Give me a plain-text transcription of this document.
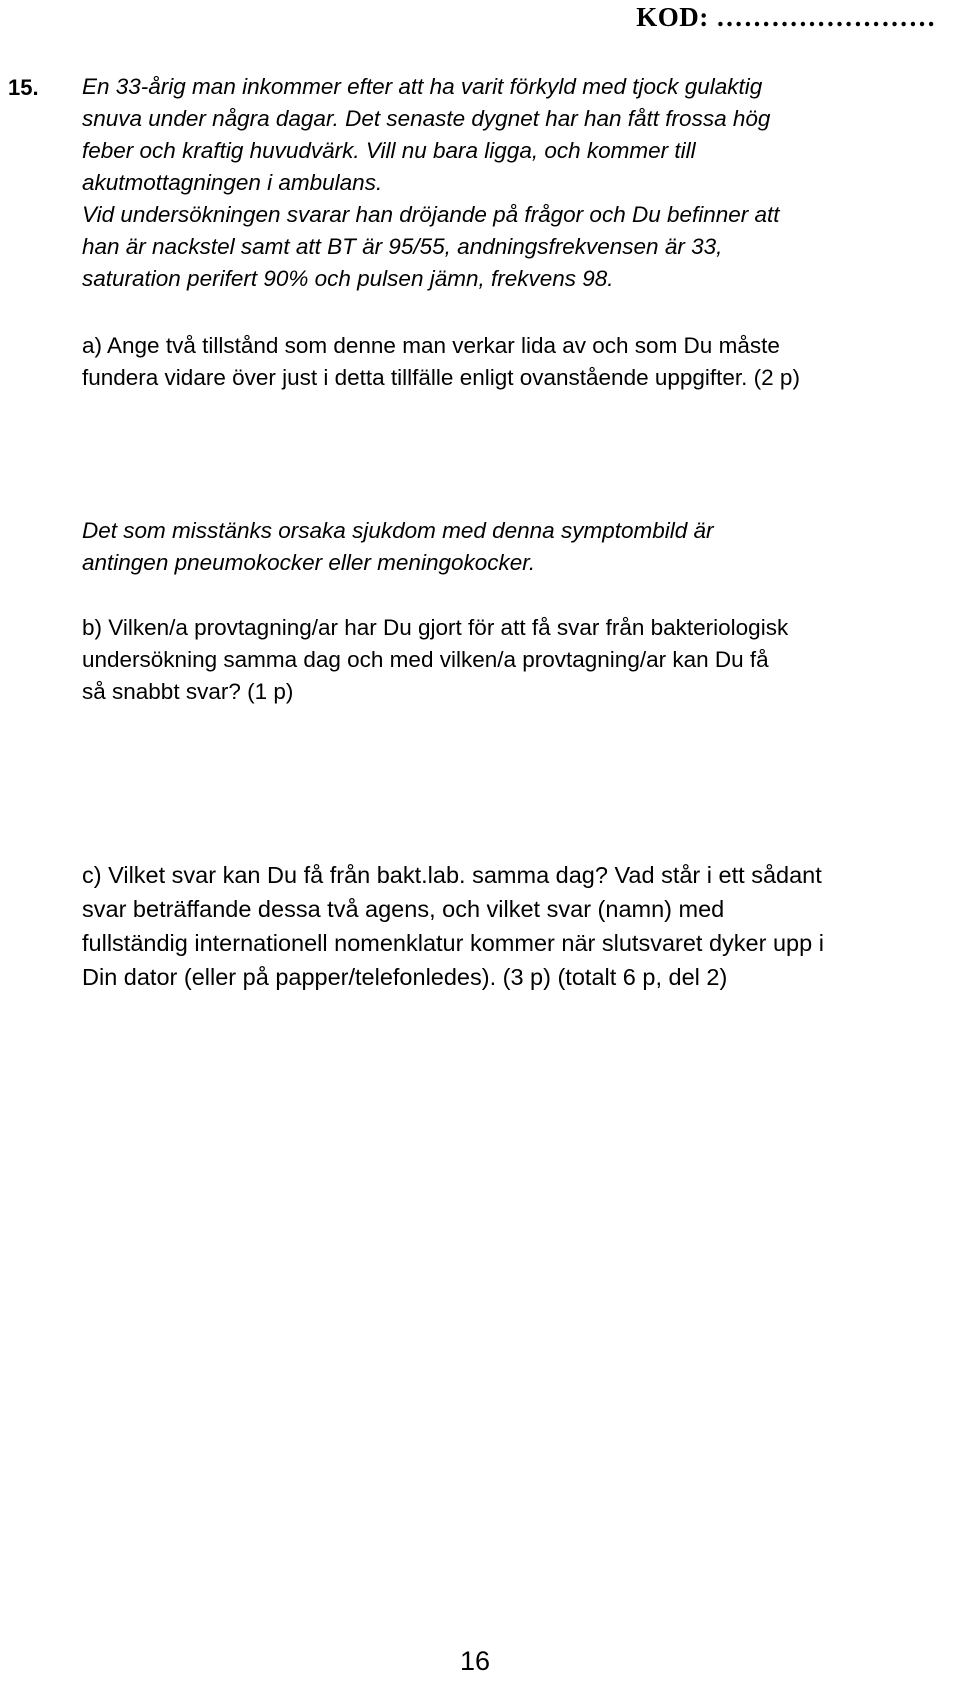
KOD: ……………………
15. En 33-årig man inkommer efter att ha varit förkyld med tjock gulaktig
snuva under några dagar. Det senaste dygnet har han fått frossa hög
feber och kraftig huvudvärk. Vill nu bara ligga, och kommer till
akutmottagningen i ambulans.
Vid undersökningen svarar han dröjande på frågor och Du befinner att
han är nackstel samt att BT är 95/55, andningsfrekvensen är 33,
saturation perifert 90% och pulsen jämn, frekvens 98.
a) Ange två tillstånd som denne man verkar lida av och som Du måste
fundera vidare över just i detta tillfälle enligt ovanstående uppgifter. (2 p)
Det som misstänks orsaka sjukdom med denna symptombild är
antingen pneumokocker eller meningokocker.
b) Vilken/a provtagning/ar har Du gjort för att få svar från bakteriologisk
undersökning samma dag och med vilken/a provtagning/ar kan Du få
så snabbt svar? (1 p)
c) Vilket svar kan Du få från bakt.lab. samma dag? Vad står i ett sådant
svar beträffande dessa två agens, och vilket svar (namn) med
fullständig internationell nomenklatur kommer när slutsvaret dyker upp i
Din dator (eller på papper/telefonledes). (3 p) (totalt 6 p, del 2)
16
